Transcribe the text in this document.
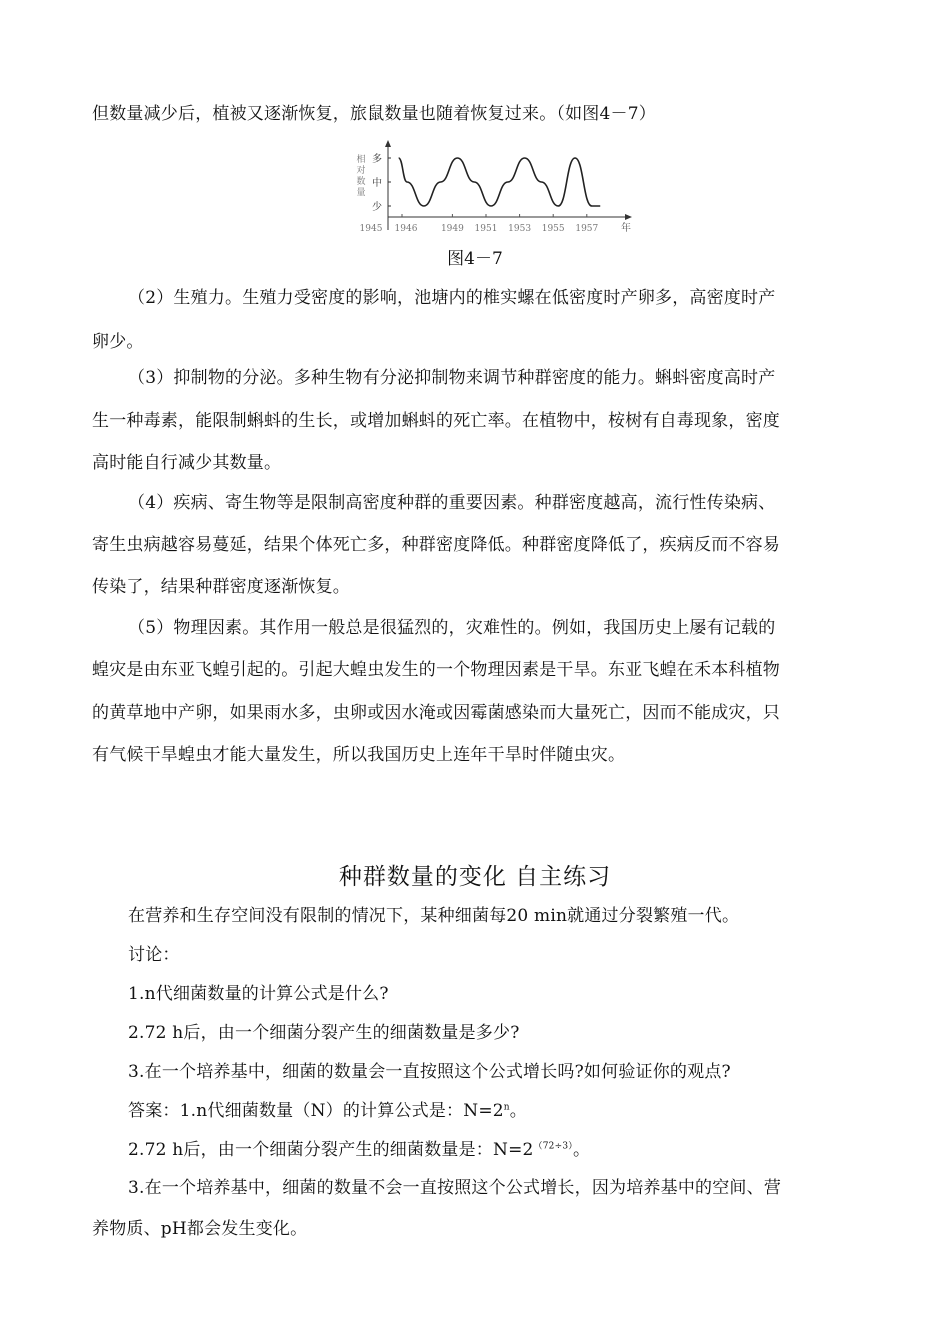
但数量减少后，植被又逐渐恢复，旅鼠数量也随着恢复过来。（如图4－7）
相
对
数
量
多
中
少
1945 1946	1949 1951 1953 1955 1957 年
图4－7
（2）生殖力。生殖力受密度的影响，池塘内的椎实螺在低密度时产卵多，高密度时产
卵少。
（3）抑制物的分泌。多种生物有分泌抑制物来调节种群密度的能力。蝌蚪密度高时产
生一种毒素，能限制蝌蚪的生长，或增加蝌蚪的死亡率。在植物中，桉树有自毒现象，密度
高时能自行减少其数量。
（4）疾病、寄生物等是限制高密度种群的重要因素。种群密度越高，流行性传染病、
寄生虫病越容易蔓延，结果个体死亡多，种群密度降低。种群密度降低了，疾病反而不容易
传染了，结果种群密度逐渐恢复。
（5）物理因素。其作用一般总是很猛烈的，灾难性的。例如，我国历史上屡有记载的
蝗灾是由东亚飞蝗引起的。引起大蝗虫发生的一个物理因素是干旱。东亚飞蝗在禾本科植物
的黄草地中产卵，如果雨水多，虫卵或因水淹或因霉菌感染而大量死亡，因而不能成灾，只
有气候干旱蝗虫才能大量发生，所以我国历史上连年干旱时伴随虫灾。
种群数量的变化 自主练习
在营养和生存空间没有限制的情况下，某种细菌每20 min就通过分裂繁殖一代。
讨论：
1.n代细菌数量的计算公式是什么?
2.72 h后，由一个细菌分裂产生的细菌数量是多少?
3.在一个培养基中，细菌的数量会一直按照这个公式增长吗?如何验证你的观点?
答案：1.n代细菌数量（N）的计算公式是：$N=2^n$。
2.72 h后，由一个细菌分裂产生的细菌数量是：$N=2^{(72\div 3)}$。
3.在一个培养基中，细菌的数量不会一直按照这个公式增长，因为培养基中的空间、营
养物质、pH都会发生变化。
